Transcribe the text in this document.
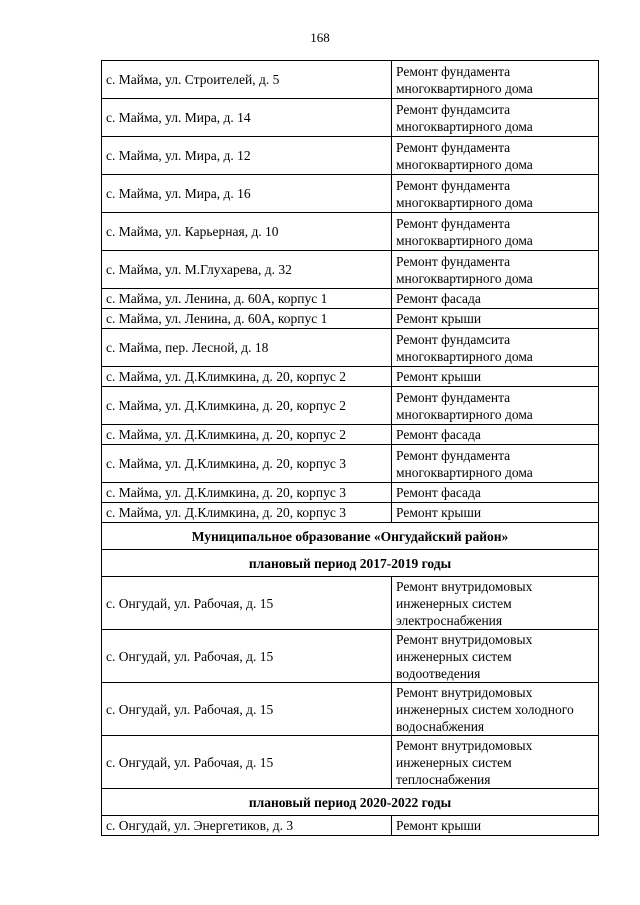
168
с. Майма, ул. Строителей, д. 5	Ремонт фундамента многоквартирного дома
с. Майма, ул. Мира, д. 14	Ремонт фундамсита многоквартирного дома
с. Майма, ул. Мира, д. 12	Ремонт фундамента многоквартирного дома
с. Майма, ул. Мира, д. 16	Ремонт фундамента многоквартирного дома
с. Майма, ул. Карьерная, д. 10	Ремонт фундамента многоквартирного дома
с. Майма, ул. М.Глухарева, д. 32	Ремонт фундамента многоквартирного дома
с. Майма, ул. Ленина, д. 60А, корпус 1	Ремонт фасада
с. Майма, ул. Ленина, д. 60А, корпус 1	Ремонт крыши
с. Майма, пер. Лесной, д. 18	Ремонт фундамсита многоквартирного дома
с. Майма, ул. Д.Климкина, д. 20, корпус 2	Ремонт крыши
с. Майма, ул. Д.Климкина, д. 20, корпус 2	Ремонт фундамента многоквартирного дома
с. Майма, ул. Д.Климкина, д. 20, корпус 2	Ремонт фасада
с. Майма, ул. Д.Климкина, д. 20, корпус 3	Ремонт фундамента многоквартирного дома
с. Майма, ул. Д.Климкина, д. 20, корпус 3	Ремонт фасада
с. Майма, ул. Д.Климкина, д. 20, корпус 3	Ремонт крыши
Муниципальное образование «Онгудайский район»	
плановый период 2017-2019 годы	
с. Онгудай, ул. Рабочая, д. 15	Ремонт внутридомовых инженерных систем электроснабжения
с. Онгудай, ул. Рабочая, д. 15	Ремонт внутридомовых инженерных систем водоотведения
с. Онгудай, ул. Рабочая, д. 15	Ремонт внутридомовых инженерных систем холодного водоснабжения
с. Онгудай, ул. Рабочая, д. 15	Ремонт внутридомовых инженерных систем теплоснабжения
плановый период 2020-2022 годы	
с. Онгудай, ул. Энергетиков, д. 3	Ремонт крыши
